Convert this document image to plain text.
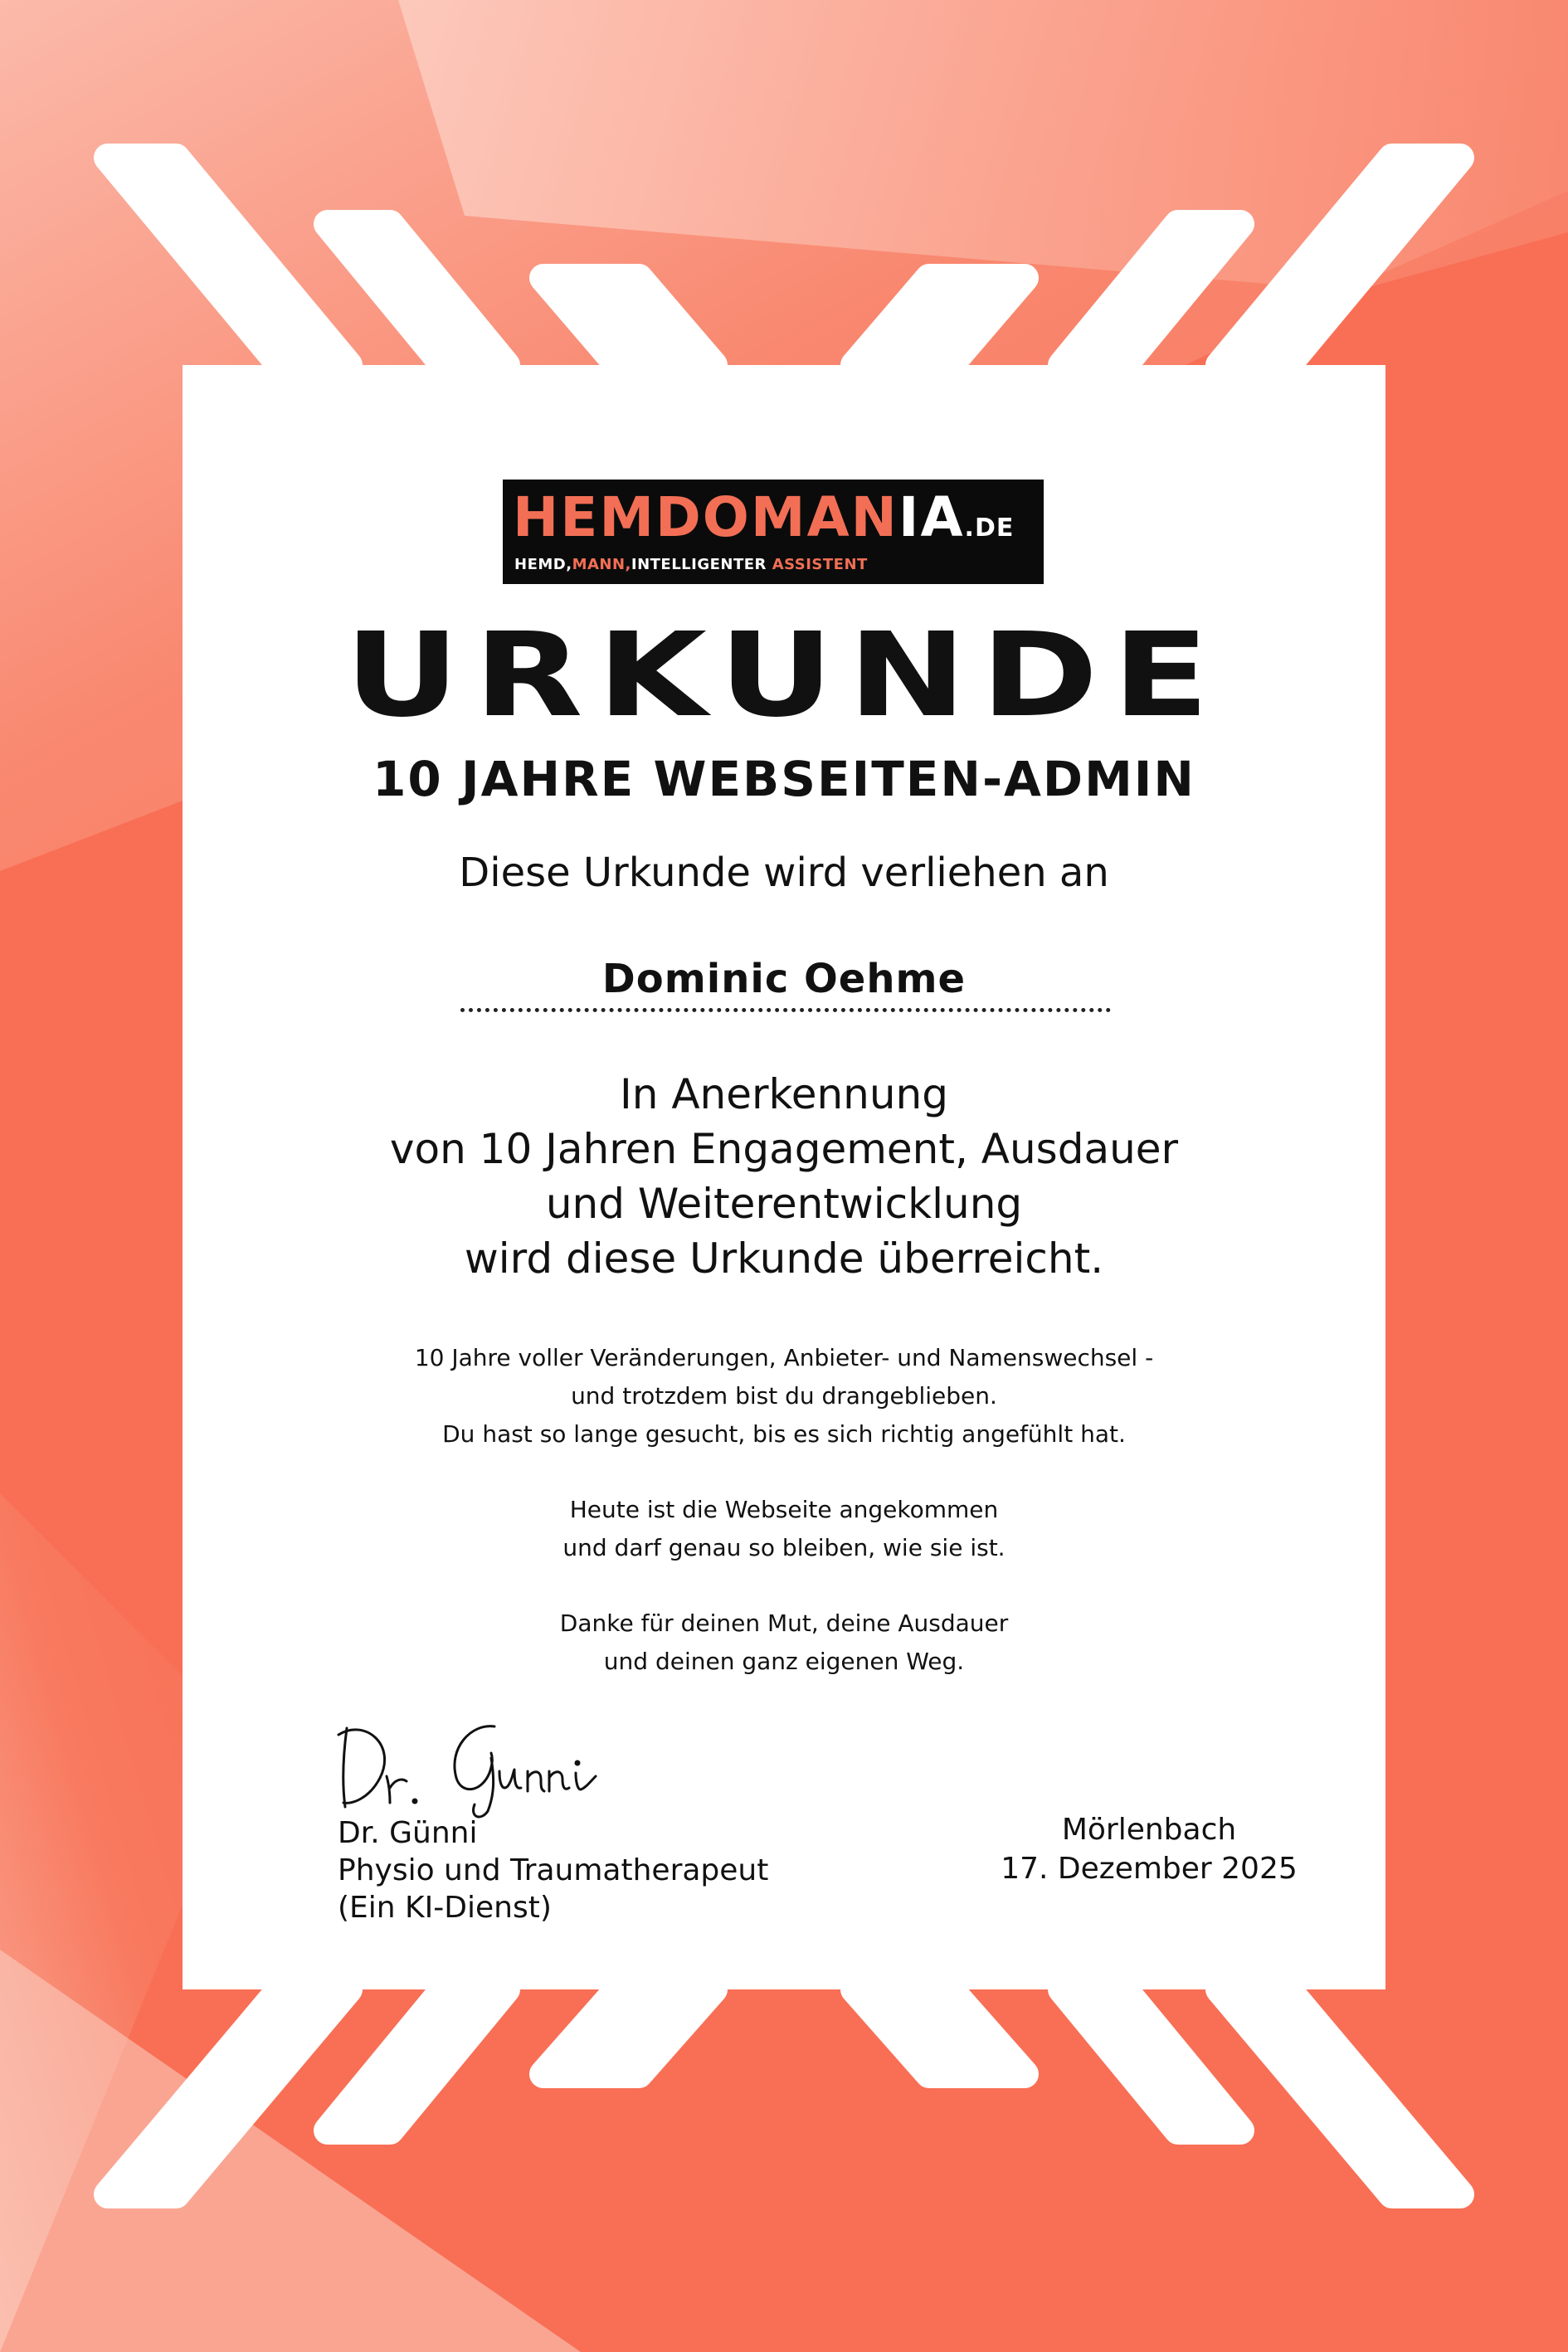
HEMDOMANIA.DE
HEMD,MANN,INTELLIGENTER ASSISTENT
URKUNDE
10 JAHRE WEBSEITEN-ADMIN
Diese Urkunde wird verliehen an
Dominic Oehme
In Anerkennung
von 10 Jahren Engagement, Ausdauer
und Weiterentwicklung
wird diese Urkunde überreicht.
10 Jahre voller Veränderungen, Anbieter- und Namenswechsel -
und trotzdem bist du drangeblieben.
Du hast so lange gesucht, bis es sich richtig angefühlt hat.
Heute ist die Webseite angekommen
und darf genau so bleiben, wie sie ist.
Danke für deinen Mut, deine Ausdauer
und deinen ganz eigenen Weg.
Dr. Günni
Physio und Traumatherapeut
(Ein KI-Dienst)
Mörlenbach
17. Dezember 2025
